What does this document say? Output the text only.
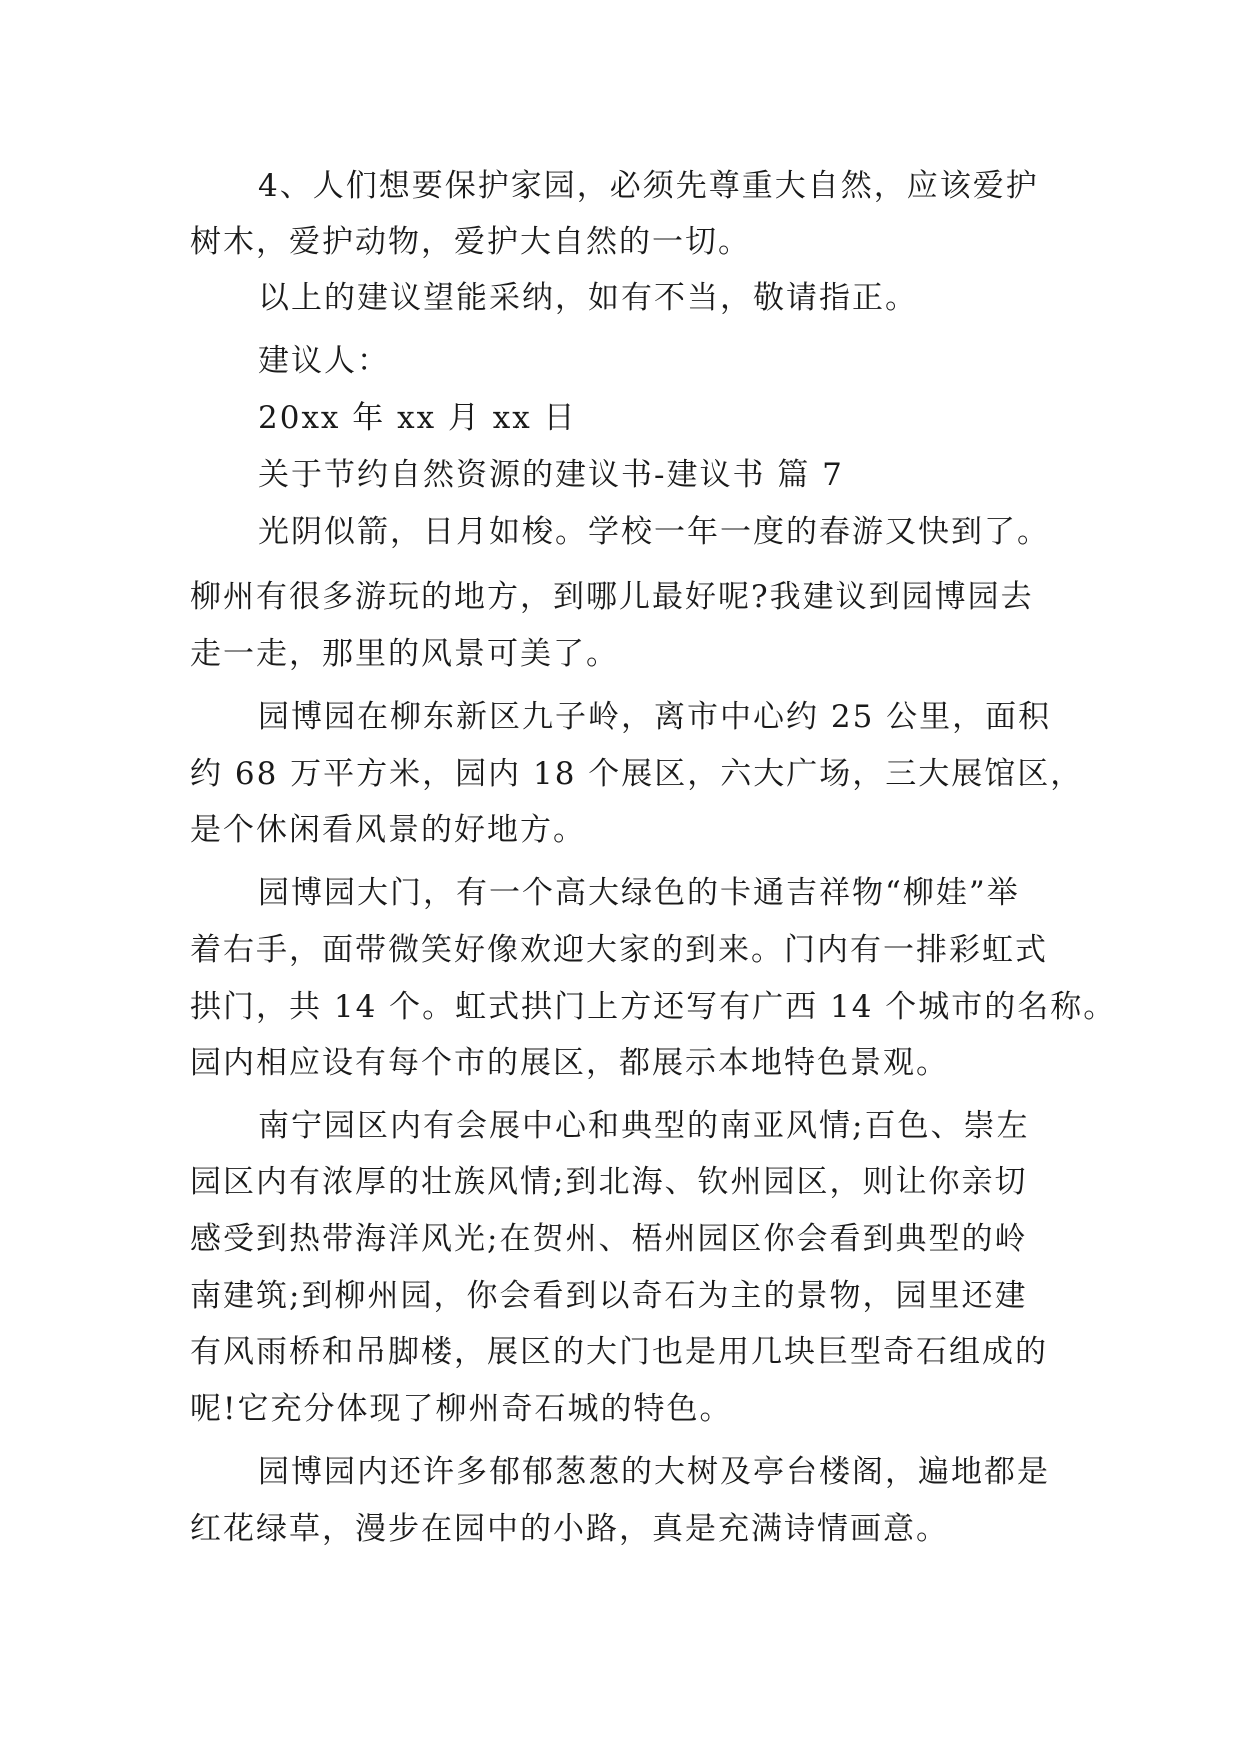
4、人们想要保护家园，必须先尊重大自然，应该爱护
树木，爱护动物，爱护大自然的一切。
以上的建议望能采纳，如有不当，敬请指正。
建议人：
20xx 年 xx 月 xx 日
关于节约自然资源的建议书-建议书 篇 7
光阴似箭，日月如梭。学校一年一度的春游又快到了。
柳州有很多游玩的地方，到哪儿最好呢?我建议到园博园去
走一走，那里的风景可美了。
园博园在柳东新区九子岭，离市中心约 25 公里，面积
约 68 万平方米，园内 18 个展区，六大广场，三大展馆区，
是个休闲看风景的好地方。
园博园大门，有一个高大绿色的卡通吉祥物“柳娃”举
着右手，面带微笑好像欢迎大家的到来。门内有一排彩虹式
拱门，共 14 个。虹式拱门上方还写有广西 14 个城市的名称。
园内相应设有每个市的展区，都展示本地特色景观。
南宁园区内有会展中心和典型的南亚风情;百色、崇左
园区内有浓厚的壮族风情;到北海、钦州园区，则让你亲切
感受到热带海洋风光;在贺州、梧州园区你会看到典型的岭
南建筑;到柳州园，你会看到以奇石为主的景物，园里还建
有风雨桥和吊脚楼，展区的大门也是用几块巨型奇石组成的
呢!它充分体现了柳州奇石城的特色。
园博园内还许多郁郁葱葱的大树及亭台楼阁，遍地都是
红花绿草，漫步在园中的小路，真是充满诗情画意。
